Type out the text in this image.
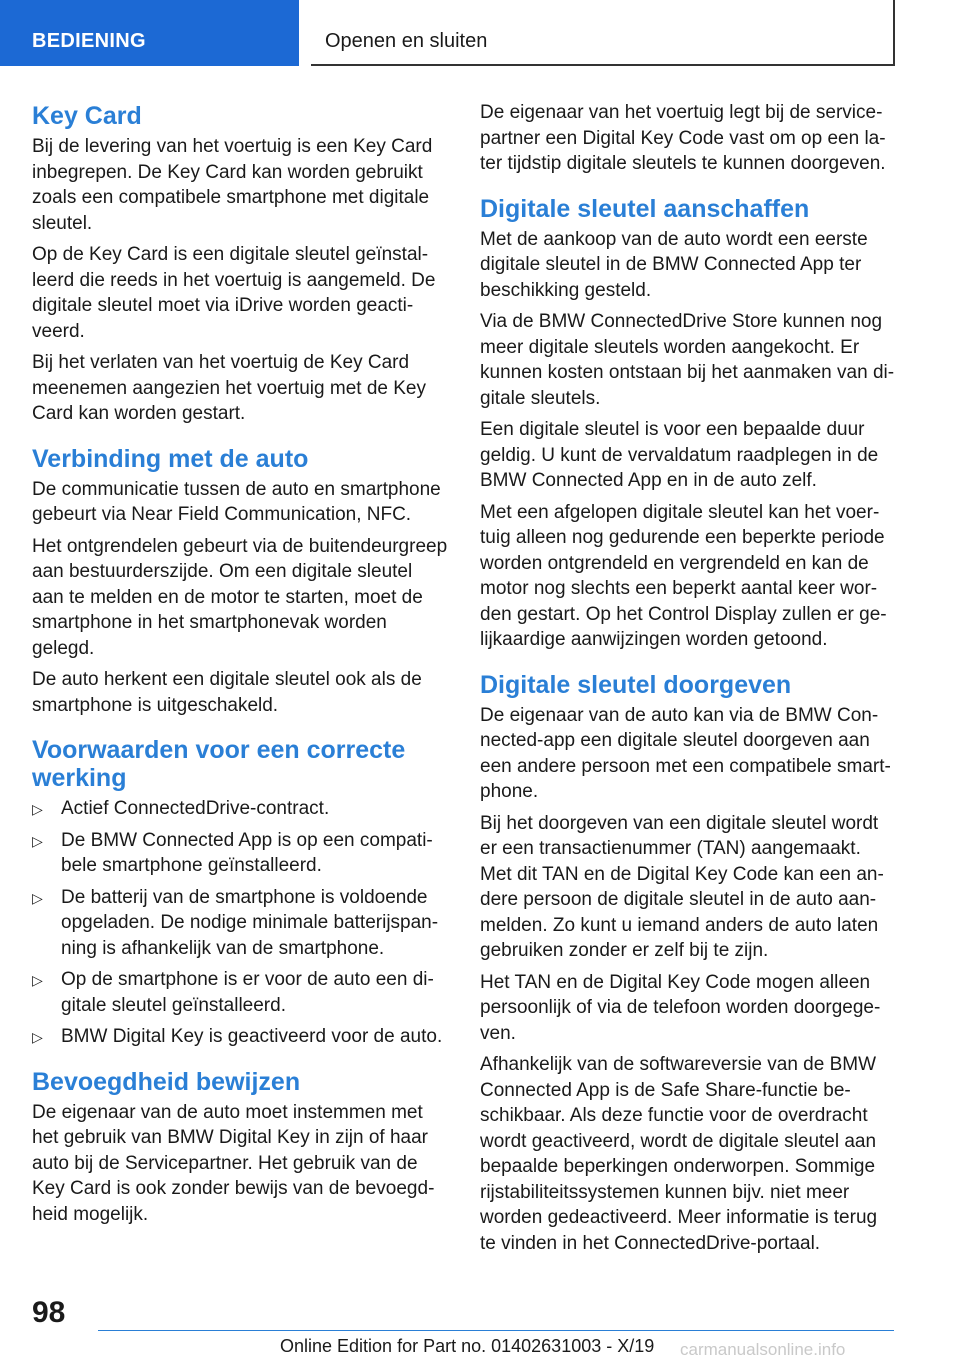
BEDIENING	Openen en sluiten
Key Card

Bij de levering van het voertuig is een Key Card inbegrepen. De Key Card kan worden gebruikt zoals een compatibele smartphone met digitale sleutel.

Op de Key Card is een digitale sleutel geïnstalleerd die reeds in het voertuig is aangemeld. De digitale sleutel moet via iDrive worden geactiveerd.

Bij het verlaten van het voertuig de Key Card meenemen aangezien het voertuig met de Key Card kan worden gestart.

Verbinding met de auto

De communicatie tussen de auto en smartphone gebeurt via Near Field Communication, NFC.

Het ontgrendelen gebeurt via de buitendeurgreep aan bestuurderszijde. Om een digitale sleutel aan te melden en de motor te starten, moet de smartphone in het smartphonevak worden gelegd.

De auto herkent een digitale sleutel ook als de smartphone is uitgeschakeld.

Voorwaarden voor een correcte werking
▷ Actief ConnectedDrive-contract.
▷ De BMW Connected App is op een compatibele smartphone geïnstalleerd.
▷ De batterij van de smartphone is voldoende opgeladen. De nodige minimale batterijspanning is afhankelijk van de smartphone.
▷ Op de smartphone is er voor de auto een digitale sleutel geïnstalleerd.
▷ BMW Digital Key is geactiveerd voor de auto.
Bevoegdheid bewijzen

De eigenaar van de auto moet instemmen met het gebruik van BMW Digital Key in zijn of haar auto bij de Servicepartner. Het gebruik van de Key Card is ook zonder bewijs van de bevoegdheid mogelijk.

De eigenaar van het voertuig legt bij de servicepartner een Digital Key Code vast om op een later tijdstip digitale sleutels te kunnen doorgeven.

Digitale sleutel aanschaffen

Met de aankoop van de auto wordt een eerste digitale sleutel in de BMW Connected App ter beschikking gesteld.

Via de BMW ConnectedDrive Store kunnen nog meer digitale sleutels worden aangekocht. Er kunnen kosten ontstaan bij het aanmaken van digitale sleutels.

Een digitale sleutel is voor een bepaalde duur geldig. U kunt de vervaldatum raadplegen in de BMW Connected App en in de auto zelf.

Met een afgelopen digitale sleutel kan het voertuig alleen nog gedurende een beperkte periode worden ontgrendeld en vergrendeld en kan de motor nog slechts een beperkt aantal keer worden gestart. Op het Control Display zullen er gelijkaardige aanwijzingen worden getoond.

Digitale sleutel doorgeven

De eigenaar van de auto kan via de BMW Connected-app een digitale sleutel doorgeven aan een andere persoon met een compatibele smartphone.

Bij het doorgeven van een digitale sleutel wordt er een transactienummer (TAN) aangemaakt. Met dit TAN en de Digital Key Code kan een andere persoon de digitale sleutel in de auto aanmelden. Zo kunt u iemand anders de auto laten gebruiken zonder er zelf bij te zijn.

Het TAN en de Digital Key Code mogen alleen persoonlijk of via de telefoon worden doorgegeven.

Afhankelijk van de softwareversie van de BMW Connected App is de Safe Share-functie beschikbaar. Als deze functie voor de overdracht wordt geactiveerd, wordt de digitale sleutel aan bepaalde beperkingen onderworpen. Sommige rijstabiliteitssystemen kunnen bijv. niet meer worden gedeactiveerd. Meer informatie is terug te vinden in het ConnectedDrive-portaal.

98
Online Edition for Part no. 01402631003 - X/19 carmanualsonline.info
